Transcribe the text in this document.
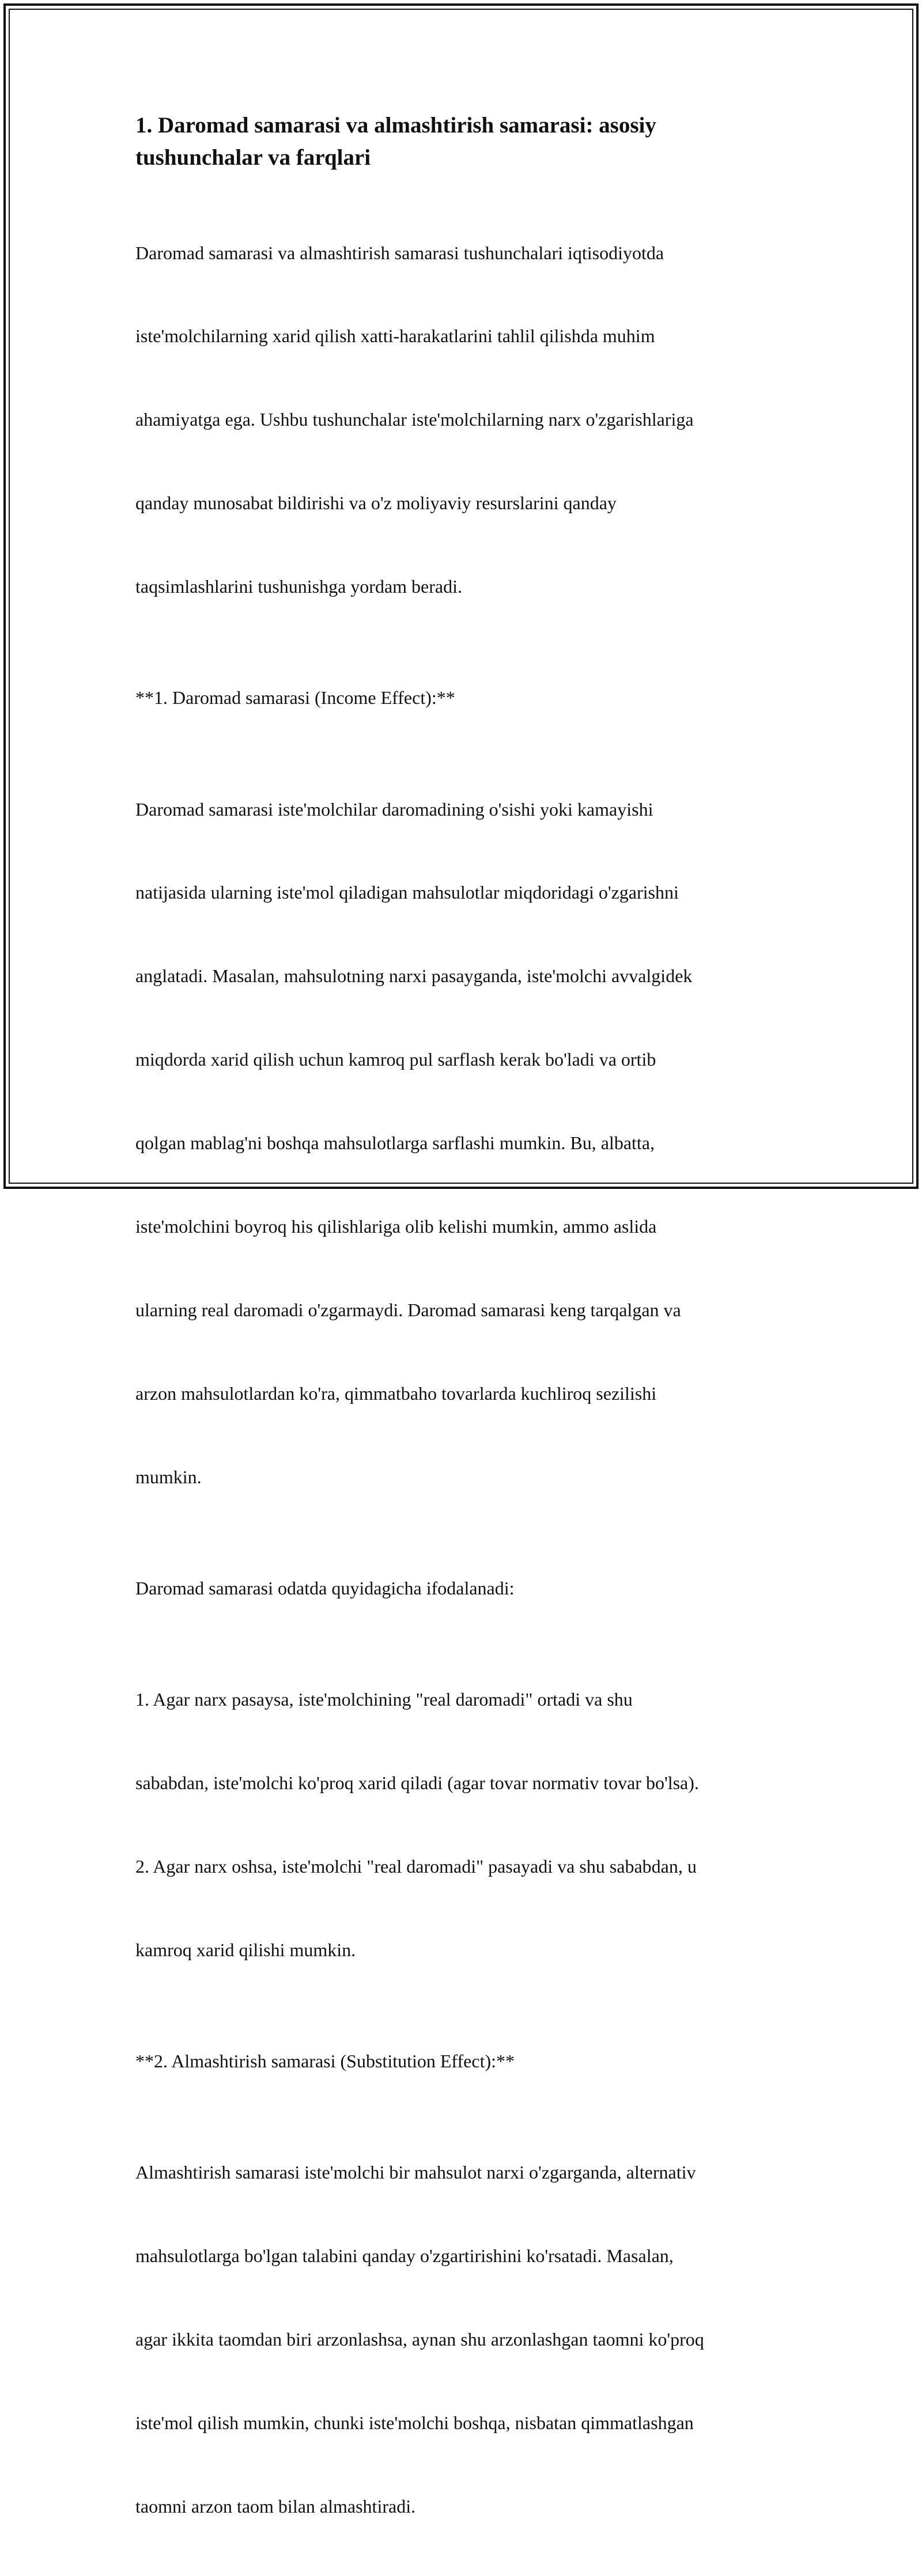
1. Daromad samarasi va almashtirish samarasi: asosiy
tushunchalar va farqlari

Daromad samarasi va almashtirish samarasi tushunchalari iqtisodiyotda

iste'molchilarning xarid qilish xatti-harakatlarini tahlil qilishda muhim

ahamiyatga ega. Ushbu tushunchalar iste'molchilarning narx o'zgarishlariga

qanday munosabat bildirishi va o'z moliyaviy resurslarini qanday

taqsimlashlarini tushunishga yordam beradi.

**1. Daromad samarasi (Income Effect):**

Daromad samarasi iste'molchilar daromadining o'sishi yoki kamayishi

natijasida ularning iste'mol qiladigan mahsulotlar miqdoridagi o'zgarishni

anglatadi. Masalan, mahsulotning narxi pasayganda, iste'molchi avvalgidek

miqdorda xarid qilish uchun kamroq pul sarflash kerak bo'ladi va ortib

qolgan mablag'ni boshqa mahsulotlarga sarflashi mumkin. Bu, albatta,

iste'molchini boyroq his qilishlariga olib kelishi mumkin, ammo aslida

ularning real daromadi o'zgarmaydi. Daromad samarasi keng tarqalgan va

arzon mahsulotlardan ko'ra, qimmatbaho tovarlarda kuchliroq sezilishi

mumkin.

Daromad samarasi odatda quyidagicha ifodalanadi:

1. Agar narx pasaysa, iste'molchining "real daromadi" ortadi va shu

sababdan, iste'molchi ko'proq xarid qiladi (agar tovar normativ tovar bo'lsa).

2. Agar narx oshsa, iste'molchi "real daromadi" pasayadi va shu sababdan, u

kamroq xarid qilishi mumkin.

**2. Almashtirish samarasi (Substitution Effect):**

Almashtirish samarasi iste'molchi bir mahsulot narxi o'zgarganda, alternativ

mahsulotlarga bo'lgan talabini qanday o'zgartirishini ko'rsatadi. Masalan,

agar ikkita taomdan biri arzonlashsa, aynan shu arzonlashgan taomni ko'proq

iste'mol qilish mumkin, chunki iste'molchi boshqa, nisbatan qimmatlashgan

taomni arzon taom bilan almashtiradi.
